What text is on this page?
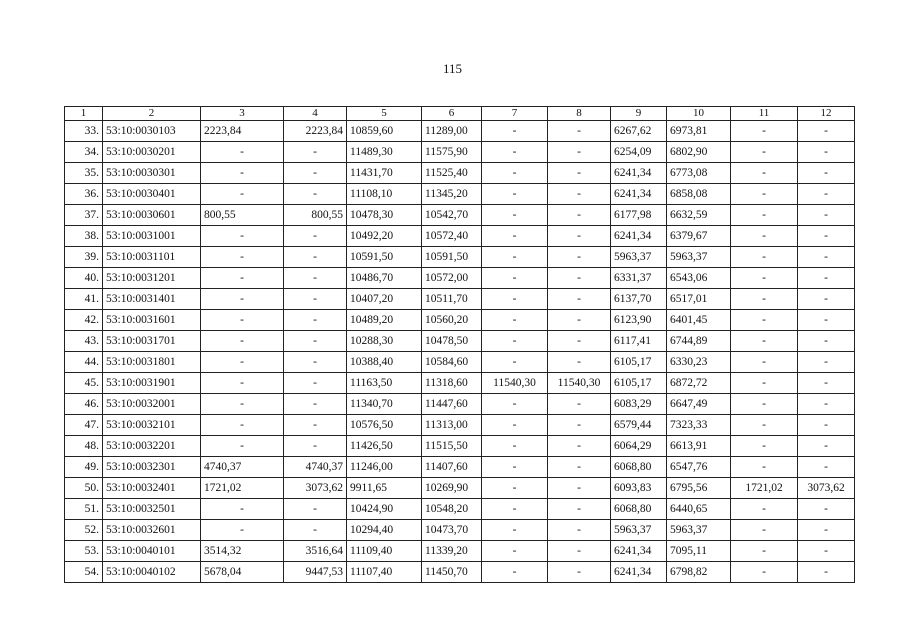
115
1	2	3	4	5	6	7	8	9	10	11	12
33.	53:10:0030103	2223,84	2223,84	10859,60	11289,00	-	-	6267,62	6973,81	-	-
34.	53:10:0030201	-	-	11489,30	11575,90	-	-	6254,09	6802,90	-	-
35.	53:10:0030301	-	-	11431,70	11525,40	-	-	6241,34	6773,08	-	-
36.	53:10:0030401	-	-	11108,10	11345,20	-	-	6241,34	6858,08	-	-
37.	53:10:0030601	800,55	800,55	10478,30	10542,70	-	-	6177,98	6632,59	-	-
38.	53:10:0031001	-	-	10492,20	10572,40	-	-	6241,34	6379,67	-	-
39.	53:10:0031101	-	-	10591,50	10591,50	-	-	5963,37	5963,37	-	-
40.	53:10:0031201	-	-	10486,70	10572,00	-	-	6331,37	6543,06	-	-
41.	53:10:0031401	-	-	10407,20	10511,70	-	-	6137,70	6517,01	-	-
42.	53:10:0031601	-	-	10489,20	10560,20	-	-	6123,90	6401,45	-	-
43.	53:10:0031701	-	-	10288,30	10478,50	-	-	6117,41	6744,89	-	-
44.	53:10:0031801	-	-	10388,40	10584,60	-	-	6105,17	6330,23	-	-
45.	53:10:0031901	-	-	11163,50	11318,60	11540,30	11540,30	6105,17	6872,72	-	-
46.	53:10:0032001	-	-	11340,70	11447,60	-	-	6083,29	6647,49	-	-
47.	53:10:0032101	-	-	10576,50	11313,00	-	-	6579,44	7323,33	-	-
48.	53:10:0032201	-	-	11426,50	11515,50	-	-	6064,29	6613,91	-	-
49.	53:10:0032301	4740,37	4740,37	11246,00	11407,60	-	-	6068,80	6547,76	-	-
50.	53:10:0032401	1721,02	3073,62	9911,65	10269,90	-	-	6093,83	6795,56	1721,02	3073,62
51.	53:10:0032501	-	-	10424,90	10548,20	-	-	6068,80	6440,65	-	-
52.	53:10:0032601	-	-	10294,40	10473,70	-	-	5963,37	5963,37	-	-
53.	53:10:0040101	3514,32	3516,64	11109,40	11339,20	-	-	6241,34	7095,11	-	-
54.	53:10:0040102	5678,04	9447,53	11107,40	11450,70	-	-	6241,34	6798,82	-	-
